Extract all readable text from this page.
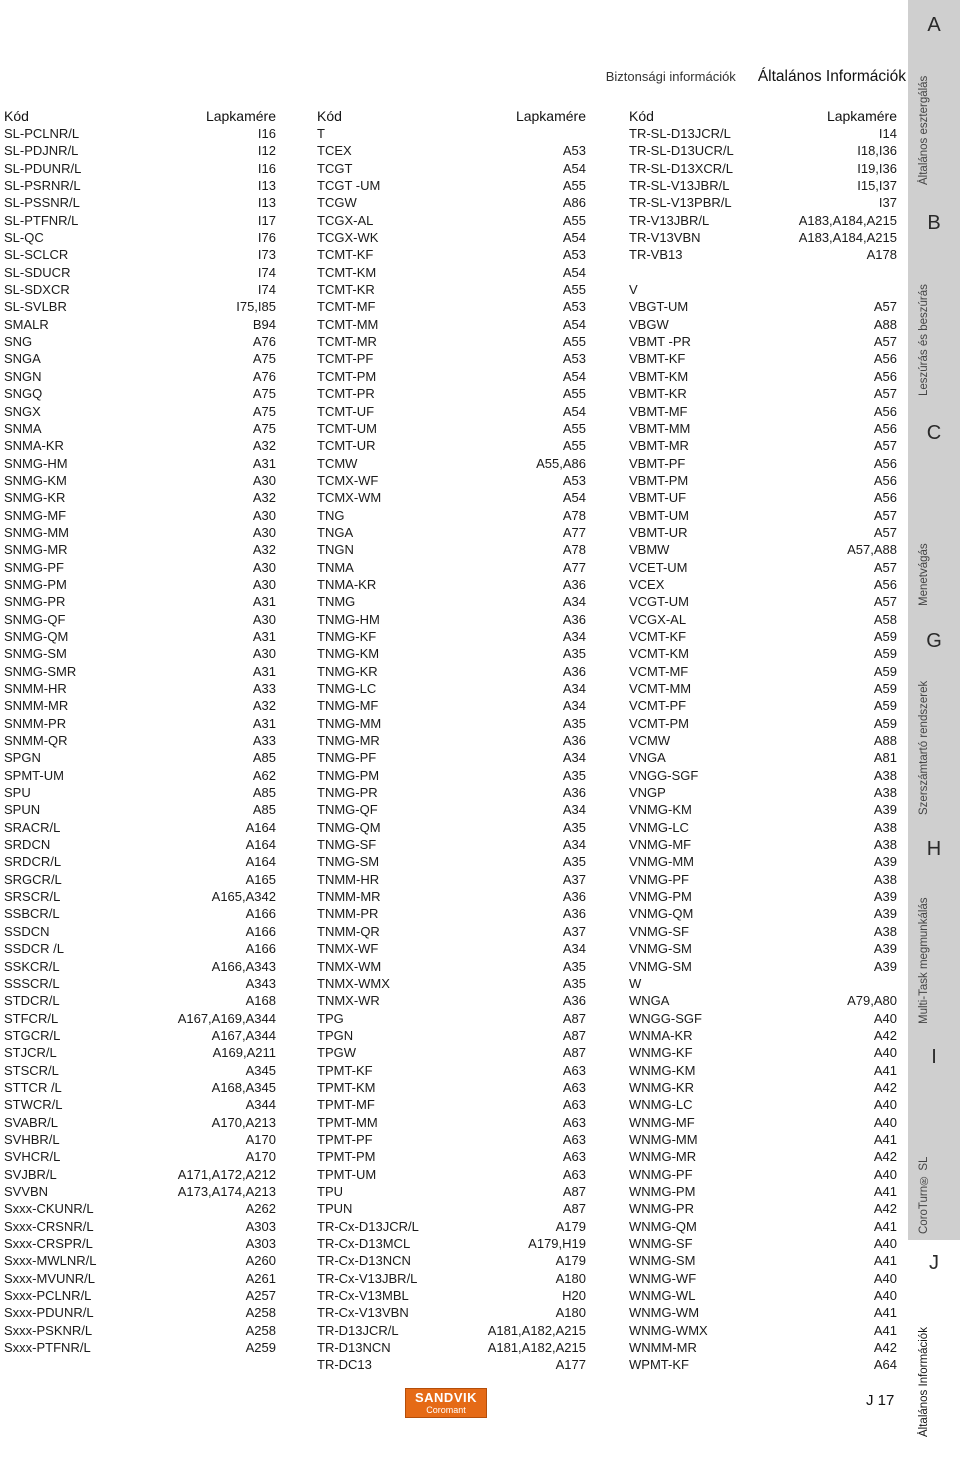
Biztonsági információk Általános Információk
Kód	Lapkamére
SL-PCLNR/L	I16
SL-PDJNR/L	I12
SL-PDUNR/L	I16
SL-PSRNR/L	I13
SL-PSSNR/L	I13
SL-PTFNR/L	I17
SL-QC	I76
SL-SCLCR	I73
SL-SDUCR	I74
SL-SDXCR	I74
SL-SVLBR	I75,I85
SMALR	B94
SNG	A76
SNGA	A75
SNGN	A76
SNGQ	A75
SNGX	A75
SNMA	A75
SNMA-KR	A32
SNMG-HM	A31
SNMG-KM	A30
SNMG-KR	A32
SNMG-MF	A30
SNMG-MM	A30
SNMG-MR	A32
SNMG-PF	A30
SNMG-PM	A30
SNMG-PR	A31
SNMG-QF	A30
SNMG-QM	A31
SNMG-SM	A30
SNMG-SMR	A31
SNMM-HR	A33
SNMM-MR	A32
SNMM-PR	A31
SNMM-QR	A33
SPGN	A85
SPMT-UM	A62
SPU	A85
SPUN	A85
SRACR/L	A164
SRDCN	A164
SRDCR/L	A164
SRGCR/L	A165
SRSCR/L	A165,A342
SSBCR/L	A166
SSDCN	A166
SSDCR /L	A166
SSKCR/L	A166,A343
SSSCR/L	A343
STDCR/L	A168
STFCR/L	A167,A169,A344
STGCR/L	A167,A344
STJCR/L	A169,A211
STSCR/L	A345
STTCR /L	A168,A345
STWCR/L	A344
SVABR/L	A170,A213
SVHBR/L	A170
SVHCR/L	A170
SVJBR/L	A171,A172,A212
SVVBN	A173,A174,A213
Sxxx-CKUNR/L	A262
Sxxx-CRSNR/L	A303
Sxxx-CRSPR/L	A303
Sxxx-MWLNR/L	A260
Sxxx-MVUNR/L	A261
Sxxx-PCLNR/L	A257
Sxxx-PDUNR/L	A258
Sxxx-PSKNR/L	A258
Sxxx-PTFNR/L	A259
Kód	Lapkamére
T
TCEX	A53
TCGT	A54
TCGT -UM	A55
TCGW	A86
TCGX-AL	A55
TCGX-WK	A54
TCMT-KF	A53
TCMT-KM	A54
TCMT-KR	A55
TCMT-MF	A53
TCMT-MM	A54
TCMT-MR	A55
TCMT-PF	A53
TCMT-PM	A54
TCMT-PR	A55
TCMT-UF	A54
TCMT-UM	A55
TCMT-UR	A55
TCMW	A55,A86
TCMX-WF	A53
TCMX-WM	A54
TNG	A78
TNGA	A77
TNGN	A78
TNMA	A77
TNMA-KR	A36
TNMG	A34
TNMG-HM	A36
TNMG-KF	A34
TNMG-KM	A35
TNMG-KR	A36
TNMG-LC	A34
TNMG-MF	A34
TNMG-MM	A35
TNMG-MR	A36
TNMG-PF	A34
TNMG-PM	A35
TNMG-PR	A36
TNMG-QF	A34
TNMG-QM	A35
TNMG-SF	A34
TNMG-SM	A35
TNMM-HR	A37
TNMM-MR	A36
TNMM-PR	A36
TNMM-QR	A37
TNMX-WF	A34
TNMX-WM	A35
TNMX-WMX	A35
TNMX-WR	A36
TPG	A87
TPGN	A87
TPGW	A87
TPMT-KF	A63
TPMT-KM	A63
TPMT-MF	A63
TPMT-MM	A63
TPMT-PF	A63
TPMT-PM	A63
TPMT-UM	A63
TPU	A87
TPUN	A87
TR-Cx-D13JCR/L	A179
TR-Cx-D13MCL	A179,H19
TR-Cx-D13NCN	A179
TR-Cx-V13JBR/L	A180
TR-Cx-V13MBL	H20
TR-Cx-V13VBN	A180
TR-D13JCR/L	A181,A182,A215
TR-D13NCN	A181,A182,A215
TR-DC13	A177
Kód	Lapkamére
TR-SL-D13JCR/L	I14
TR-SL-D13UCR/L	I18,I36
TR-SL-D13XCR/L	I19,I36
TR-SL-V13JBR/L	I15,I37
TR-SL-V13PBR/L	I37
TR-V13JBR/L	A183,A184,A215
TR-V13VBN	A183,A184,A215
TR-VB13	A178
V
VBGT-UM	A57
VBGW	A88
VBMT -PR	A57
VBMT-KF	A56
VBMT-KM	A56
VBMT-KR	A57
VBMT-MF	A56
VBMT-MM	A56
VBMT-MR	A57
VBMT-PF	A56
VBMT-PM	A56
VBMT-UF	A56
VBMT-UM	A57
VBMT-UR	A57
VBMW	A57,A88
VCET-UM	A57
VCEX	A56
VCGT-UM	A57
VCGX-AL	A58
VCMT-KF	A59
VCMT-KM	A59
VCMT-MF	A59
VCMT-MM	A59
VCMT-PF	A59
VCMT-PM	A59
VCMW	A88
VNGA	A81
VNGG-SGF	A38
VNGP	A38
VNMG-KM	A39
VNMG-LC	A38
VNMG-MF	A38
VNMG-MM	A39
VNMG-PF	A38
VNMG-PM	A39
VNMG-QM	A39
VNMG-SF	A38
VNMG-SM	A39
VNMG-SM	A39
W
WNGA	A79,A80
WNGG-SGF	A40
WNMA-KR	A42
WNMG-KF	A40
WNMG-KM	A41
WNMG-KR	A42
WNMG-LC	A40
WNMG-MF	A40
WNMG-MM	A41
WNMG-MR	A42
WNMG-PF	A40
WNMG-PM	A41
WNMG-PR	A42
WNMG-QM	A41
WNMG-SF	A40
WNMG-SM	A41
WNMG-WF	A40
WNMG-WL	A40
WNMG-WM	A41
WNMG-WMX	A41
WNMM-MR	A42
WPMT-KF	A64
A
Általános esztergálás
B
Leszúrás és beszúrás
C
Menetvágás
G
Szerszámtartó rendszerek
H
Multi-Task megmunkálás
I
CoroTurn® SL
J
Általános Információk
SANDVIK
Coromant
J 17
